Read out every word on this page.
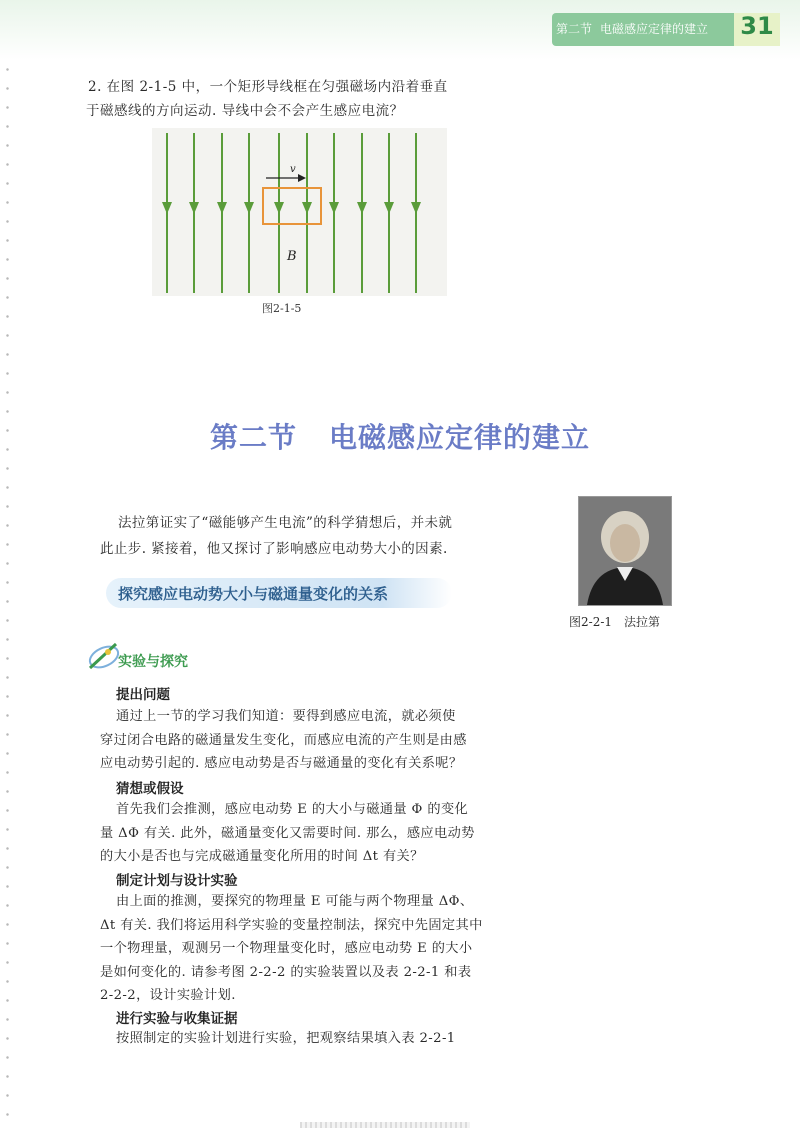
第二节 电磁感应定律的建立 31
2. 在图 2-1-5 中，一个矩形导线框在匀强磁场内沿着垂直
于磁感线的方向运动. 导线中会不会产生感应电流？
v
B
图2-1-5
第二节 电磁感应定律的建立
法拉第证实了“磁能够产生电流”的科学猜想后，并未就
此止步. 紧接着，他又探讨了影响感应电动势大小的因素.
图2-2-1　法拉第
探究感应电动势大小与磁通量变化的关系
实验与探究
提出问题
通过上一节的学习我们知道：要得到感应电流，就必须使
穿过闭合电路的磁通量发生变化，而感应电流的产生则是由感
应电动势引起的. 感应电动势是否与磁通量的变化有关系呢？
猜想或假设
首先我们会推测，感应电动势 E 的大小与磁通量 Φ 的变化
量 ΔΦ 有关. 此外，磁通量变化又需要时间. 那么，感应电动势
的大小是否也与完成磁通量变化所用的时间 Δt 有关？
制定计划与设计实验
由上面的推测，要探究的物理量 E 可能与两个物理量 ΔΦ、
Δt 有关. 我们将运用科学实验的变量控制法，探究中先固定其中
一个物理量，观测另一个物理量变化时，感应电动势 E 的大小
是如何变化的. 请参考图 2-2-2 的实验装置以及表 2-2-1 和表
2-2-2，设计实验计划.
进行实验与收集证据
按照制定的实验计划进行实验，把观察结果填入表 2-2-1
